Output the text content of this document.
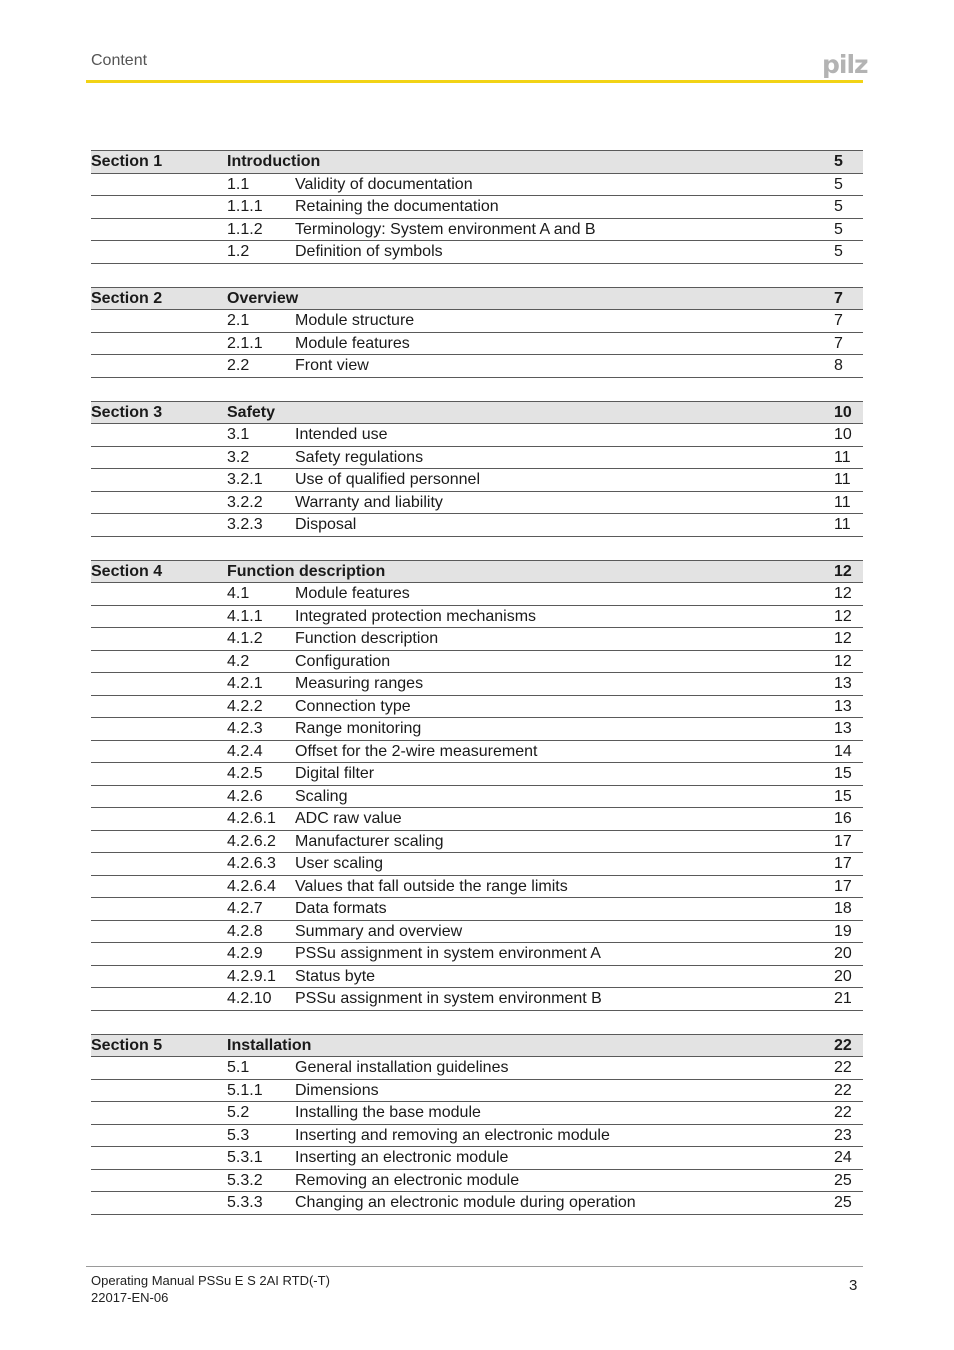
Content	pilz
Section 1	Introduction	5
1.1	Validity of documentation	5
1.1.1	Retaining the documentation	5
1.1.2	Terminology: System environment A and B	5
1.2	Definition of symbols	5
Section 2	Overview	7
2.1	Module structure	7
2.1.1	Module features	7
2.2	Front view	8
Section 3	Safety	10
3.1	Intended use	10
3.2	Safety regulations	11
3.2.1	Use of qualified personnel	11
3.2.2	Warranty and liability	11
3.2.3	Disposal	11
Section 4	Function description	12
4.1	Module features	12
4.1.1	Integrated protection mechanisms	12
4.1.2	Function description	12
4.2	Configuration	12
4.2.1	Measuring ranges	13
4.2.2	Connection type	13
4.2.3	Range monitoring	13
4.2.4	Offset for the 2-wire measurement	14
4.2.5	Digital filter	15
4.2.6	Scaling	15
4.2.6.1	ADC raw value	16
4.2.6.2	Manufacturer scaling	17
4.2.6.3	User scaling	17
4.2.6.4	Values that fall outside the range limits	17
4.2.7	Data formats	18
4.2.8	Summary and overview	19
4.2.9	PSSu assignment in system environment A	20
4.2.9.1	Status byte	20
4.2.10	PSSu assignment in system environment B	21
Section 5	Installation	22
5.1	General installation guidelines	22
5.1.1	Dimensions	22
5.2	Installing the base module	22
5.3	Inserting and removing an electronic module	23
5.3.1	Inserting an electronic module	24
5.3.2	Removing an electronic module	25
5.3.3	Changing an electronic module during operation	25
Operating Manual PSSu E S 2AI RTD(-T)
22017-EN-06
3
